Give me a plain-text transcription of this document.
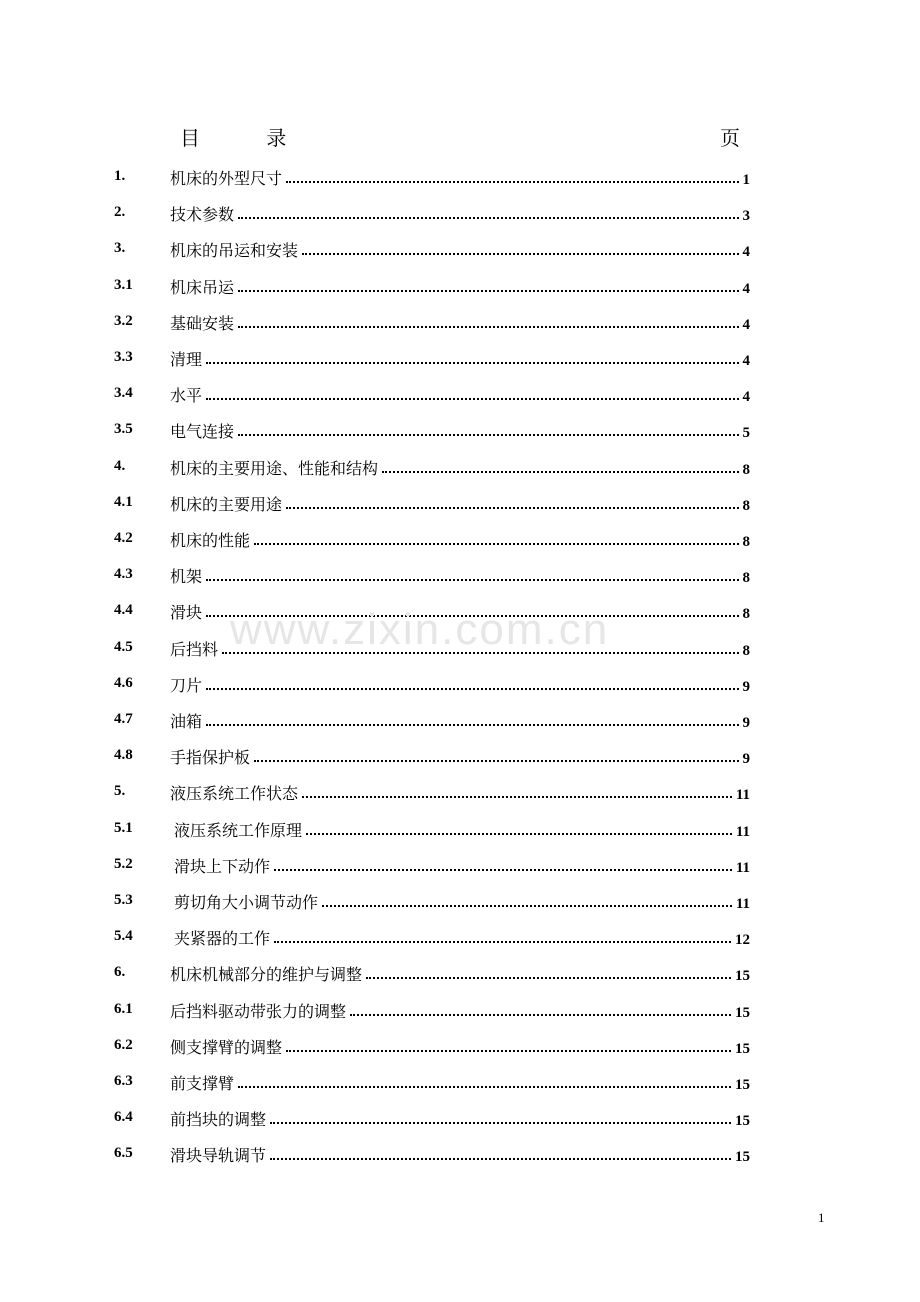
目 录	页
1.	机床的外型尺寸	1
2.	技术参数	3
3.	机床的吊运和安装	4
3.1 机床吊运	4
3.2 基础安装	4
3.3 清理	4
3.4 水平	4
3.5 电气连接	5
4.	机床的主要用途、性能和结构	8
4.1 机床的主要用途	8
4.2 机床的性能	8
4.3 机架	8
4.4 滑块	8
4.5 后挡料	8
4.6 刀片	9
4.7 油箱	9
4.8 手指保护板	9
5.	液压系统工作状态	11
5.1	液压系统工作原理	11
5.2	滑块上下动作	11
5.3	剪切角大小调节动作	11
5.4	夹紧器的工作	12
6.	机床机械部分的维护与调整	15
6.1 后挡料驱动带张力的调整	15
6.2 侧支撑臂的调整	15
6.3 前支撑臂	15
6.4 前挡块的调整	15
6.5 滑块导轨调节	15
www.zixin.com.cn
1
